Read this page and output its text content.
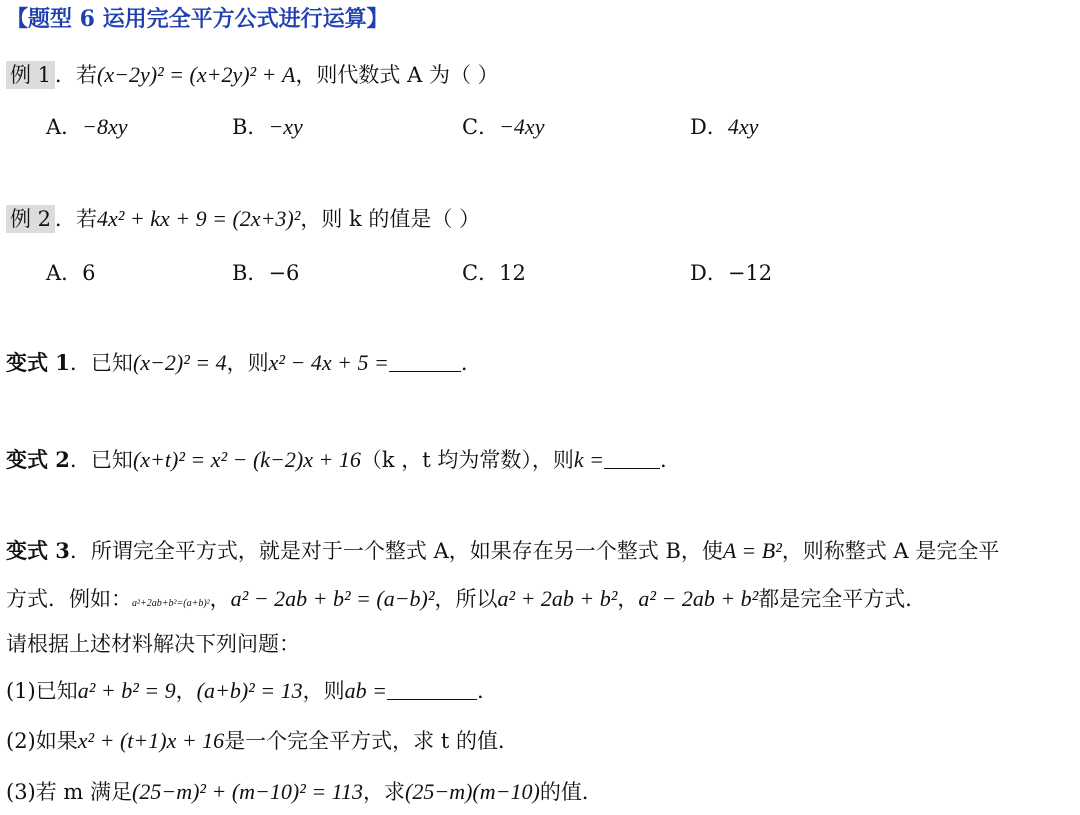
【题型 6 运用完全平方公式进行运算】
例 1 ．若(x−2y)² = (x+2y)² + A，则代数式 A 为（ ）
A．−8xy	B．−xy	C．−4xy	D．4xy
例 2 ．若4x² + kx + 9 = (2x+3)²，则 k 的值是（ ）
A．6	B．−6	C．12	D．−12
变式 1．已知(x−2)² = 4，则x² − 4x + 5 =	.
变式 2．已知(x+t)² = x² − (k−2)x + 16（k ，t 均为常数），则k =	.
变式 3．所谓完全平方式，就是对于一个整式 A，如果存在另一个整式 B，使A = B²，则称整式 A 是完全平
方式．例如：a²+2ab+b²=(a+b)²，a² − 2ab + b² = (a−b)²，所以a² + 2ab + b²，a² − 2ab + b²都是完全平方式．
请根据上述材料解决下列问题：
(1)已知a² + b² = 9，(a+b)² = 13，则ab =	.
(2)如果x² + (t+1)x + 16是一个完全平方式，求 t 的值．
(3)若 m 满足(25−m)² + (m−10)² = 113，求(25−m)(m−10)的值．
